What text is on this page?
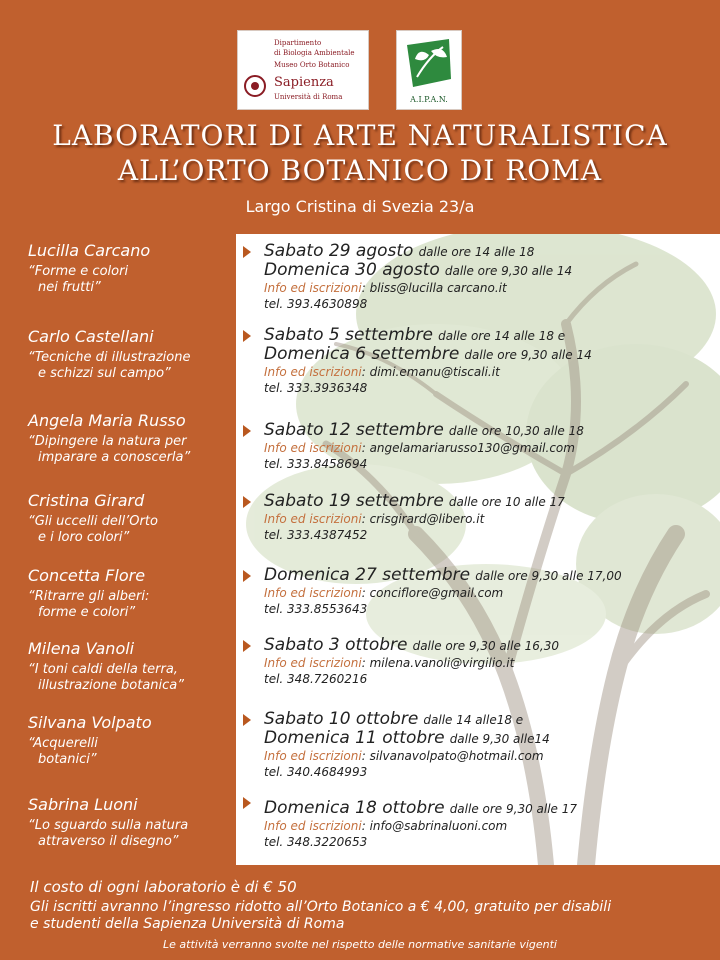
Dipartimento
di Biologia Ambientale
Museo Orto Botanico
Sapienza
Università di Roma	A.I.P.A.N.
LABORATORI DI ARTE NATURALISTICA
ALL’ORTO BOTANICO DI ROMA
Largo Cristina di Svezia 23/a
Lucilla Carcano
“Forme e colori
nei frutti”
Sabato 29 agosto dalle ore 14 alle 18
Domenica 30 agosto dalle ore 9,30 alle 14
Info ed iscrizioni: bliss@lucilla carcano.it
tel. 393.4630898
Carlo Castellani
“Tecniche di illustrazione
e schizzi sul campo”
Sabato 5 settembre dalle ore 14 alle 18 e
Domenica 6 settembre dalle ore 9,30 alle 14
Info ed iscrizioni: dimi.emanu@tiscali.it
tel. 333.3936348
Angela Maria Russo
“Dipingere la natura per
imparare a conoscerla”
Sabato 12 settembre dalle ore 10,30 alle 18
Info ed iscrizioni: angelamariarusso130@gmail.com
tel. 333.8458694
Cristina Girard
“Gli uccelli dell’Orto
e i loro colori”
Sabato 19 settembre dalle ore 10 alle 17
Info ed iscrizioni: crisgirard@libero.it
tel. 333.4387452
Concetta Flore
“Ritrarre gli alberi:
forme e colori”
Domenica 27 settembre dalle ore 9,30 alle 17,00
Info ed iscrizioni: conciflore@gmail.com
tel. 333.8553643
Milena Vanoli
“I toni caldi della terra,
illustrazione botanica”
Sabato 3 ottobre dalle ore 9,30 alle 16,30
Info ed iscrizioni: milena.vanoli@virgilio.it
tel. 348.7260216
Silvana Volpato
“Acquerelli
botanici”
Sabato 10 ottobre dalle 14 alle18 e
Domenica 11 ottobre dalle 9,30 alle14
Info ed iscrizioni: silvanavolpato@hotmail.com
tel. 340.4684993
Sabrina Luoni
“Lo sguardo sulla natura
attraverso il disegno”
Domenica 18 ottobre dalle ore 9,30 alle 17
Info ed iscrizioni: info@sabrinaluoni.com
tel. 348.3220653
Il costo di ogni laboratorio è di € 50
Gli iscritti avranno l’ingresso ridotto all’Orto Botanico a € 4,00, gratuito per disabili
e studenti della Sapienza Università di Roma
Le attività verranno svolte nel rispetto delle normative sanitarie vigenti
